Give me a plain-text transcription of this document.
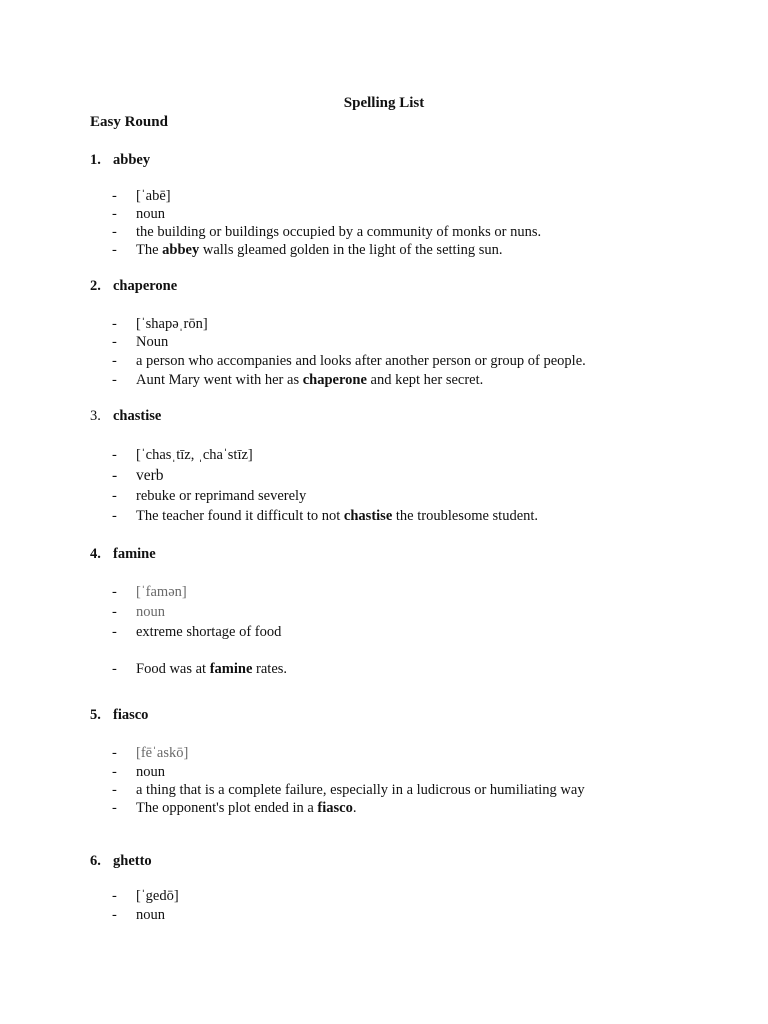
Spelling List
Easy Round
1. abbey
- [ˈabē]
- noun
- the building or buildings occupied by a community of monks or nuns.
- The abbey walls gleamed golden in the light of the setting sun.
2. chaperone
- [ˈshapəˌrōn]
- Noun
- a person who accompanies and looks after another person or group of people.
- Aunt Mary went with her as chaperone and kept her secret.
3. chastise
- [ˈchasˌtīz, ˌchaˈstīz]
- verb
- rebuke or reprimand severely
- The teacher found it difficult to not chastise the troublesome student.
4. famine
- [ˈfamən]
- noun
- extreme shortage of food
- Food was at famine rates.
5. fiasco
- [fēˈaskō]
- noun
- a thing that is a complete failure, especially in a ludicrous or humiliating way
- The opponent's plot ended in a fiasco.
6. ghetto
- [ˈgedō]
- noun
